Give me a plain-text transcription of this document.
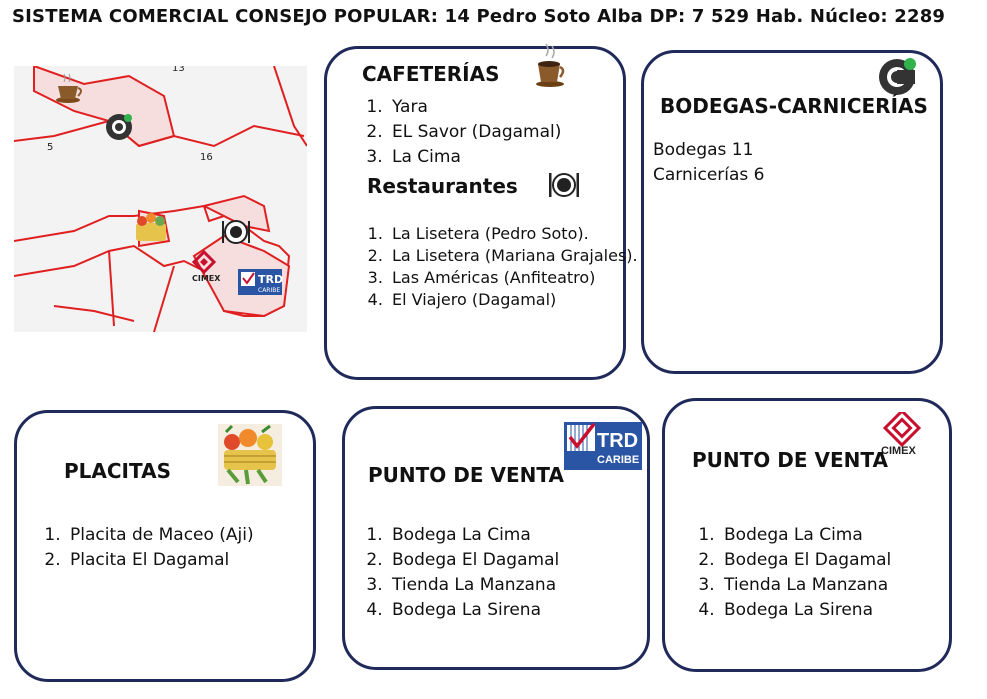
SISTEMA COMERCIAL CONSEJO POPULAR: 14 Pedro Soto Alba DP: 7 529 Hab. Núcleo: 2289
13
5
16
CIMEX	TRD
CARIBE
CAFETERÍAS
1. Yara
2. EL Savor (Dagamal)
3. La Cima
Restaurantes
1. La Lisetera (Pedro Soto).
2. La Lisetera (Mariana Grajales).
3. Las Américas (Anfiteatro)
4. El Viajero (Dagamal)
BODEGAS-CARNICERÍAS
Bodegas 11
Carnicerías 6
PLACITAS
1. Placita de Maceo (Aji)
2. Placita El Dagamal
TRD
CARIBE
PUNTO DE VENTA
1. Bodega La Cima
2. Bodega El Dagamal
3. Tienda La Manzana
4. Bodega La Sirena
CIMEX
PUNTO DE VENTA
1. Bodega La Cima
2. Bodega El Dagamal
3. Tienda La Manzana
4. Bodega La Sirena
